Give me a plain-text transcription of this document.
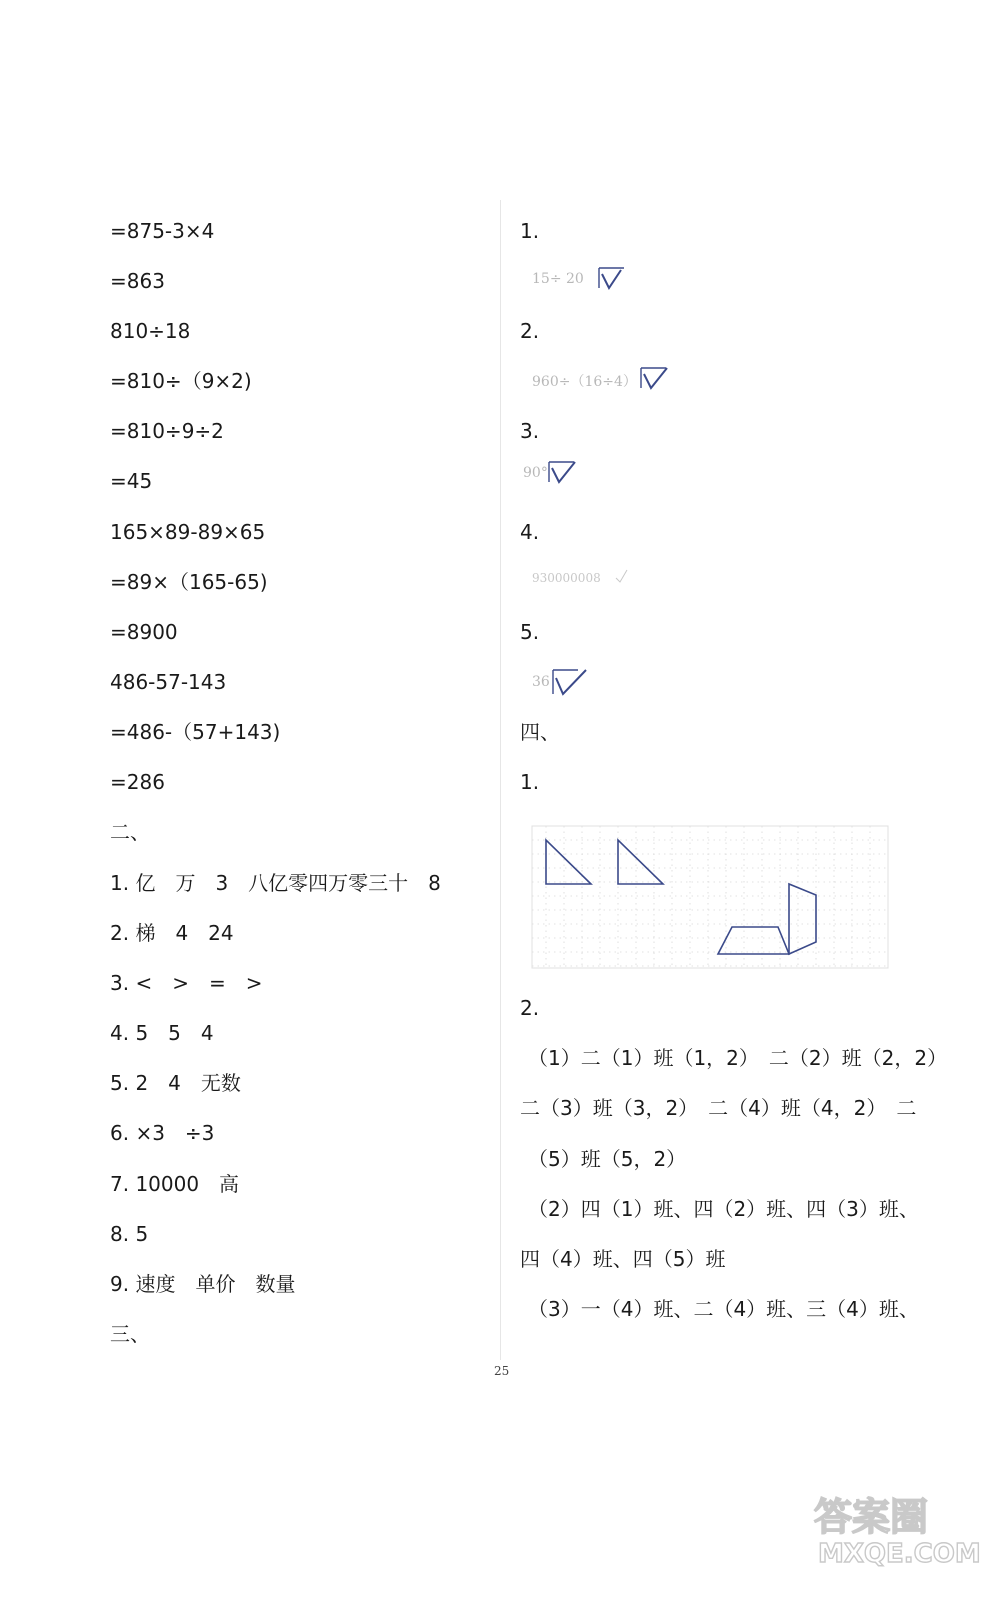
=875-3×4
=863
810÷18
=810÷（9×2)
=810÷9÷2
=45
165×89-89×65
=89×（165-65)
=8900
486-57-143
=486-（57+143)
=286
二、
1. 亿　万　3　八亿零四万零三十　8
2. 梯　4　24
3. <　>　=　>
4. 5　5　4
5. 2　4　无数
6. ×3　÷3
7. 10000　高
8. 5
9. 速度　单价　数量
三、
1.
15÷ 20
2.
960÷（16÷4）
3.
90°
4.
930000008
5.
36
四、
1.
2.
（1）二（1）班（1，2）　二（2）班（2，2）
二（3）班（3，2）　二（4）班（4，2）　二
（5）班（5，2）
（2）四（1）班、四（2）班、四（3）班、
四（4）班、四（5）班
（3）一（4）班、二（4）班、三（4）班、
25
答案圈
MXQE.COM
